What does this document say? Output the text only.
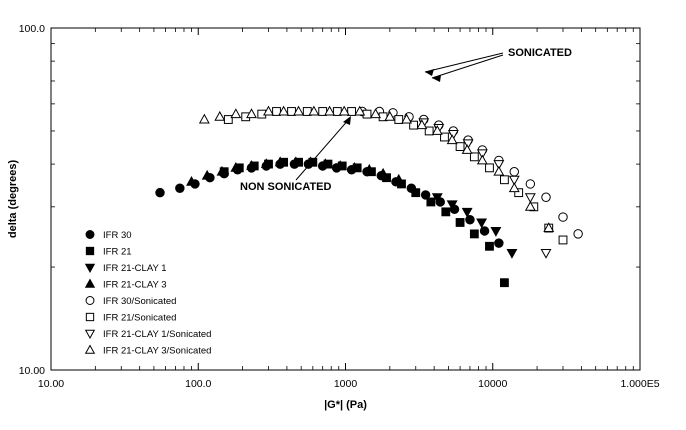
10.00	100.0	1000	10000	1.000E5
10.00
100.0
|G*| (Pa)
delta (degrees)
SONICATED
NON SONICATED
IFR 30
IFR 21
IFR 21-CLAY 1
IFR 21-CLAY 3
IFR 30/Sonicated
IFR 21/Sonicated
IFR 21-CLAY 1/Sonicated
IFR 21-CLAY 3/Sonicated
